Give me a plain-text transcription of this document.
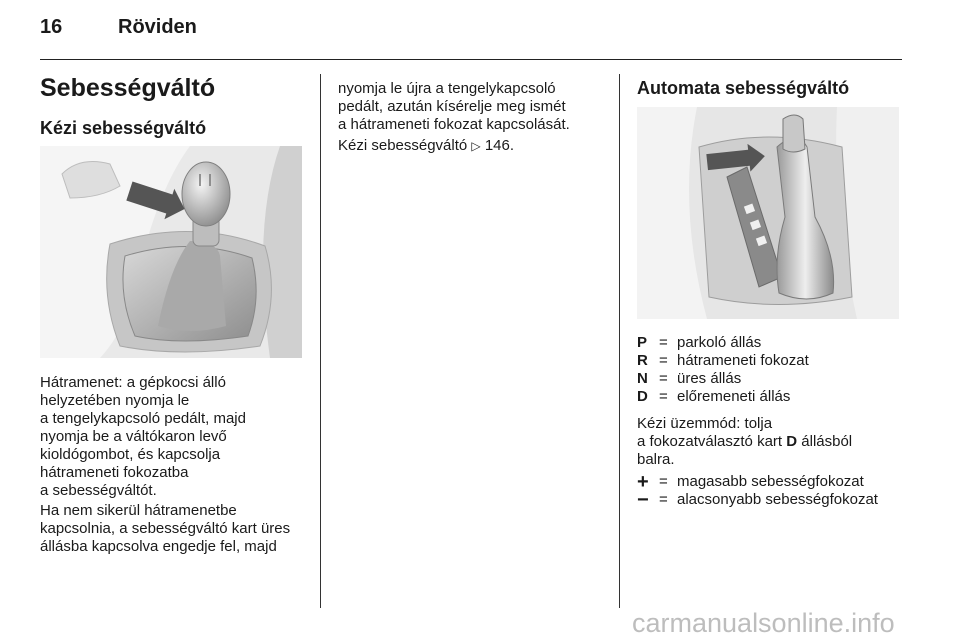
16	Röviden
Sebességváltó
Kézi sebességváltó

Hátramenet: a gépkocsi álló
helyzetében nyomja le
a tengelykapcsoló pedált, majd
nyomja be a váltókaron levő
kioldógombot, és kapcsolja
hátrameneti fokozatba
a sebességváltót.

Ha nem sikerül hátramenetbe
kapcsolnia, a sebességváltó kart üres
állásba kapcsolva engedje fel, majd

nyomja le újra a tengelykapcsoló
pedált, azután kísérelje meg ismét
a hátrameneti fokozat kapcsolását.

Kézi sebességváltó ▷ 146.
Automata sebességváltó
P = parkoló állás
R = hátrameneti fokozat
N = üres állás
D = előremeneti állás

Kézi üzemmód: tolja
a fokozatválasztó kart D állásból
balra.

+ = magasabb sebességfokozat
− = alacsonyabb sebességfokozat
carmanualsonline.info
